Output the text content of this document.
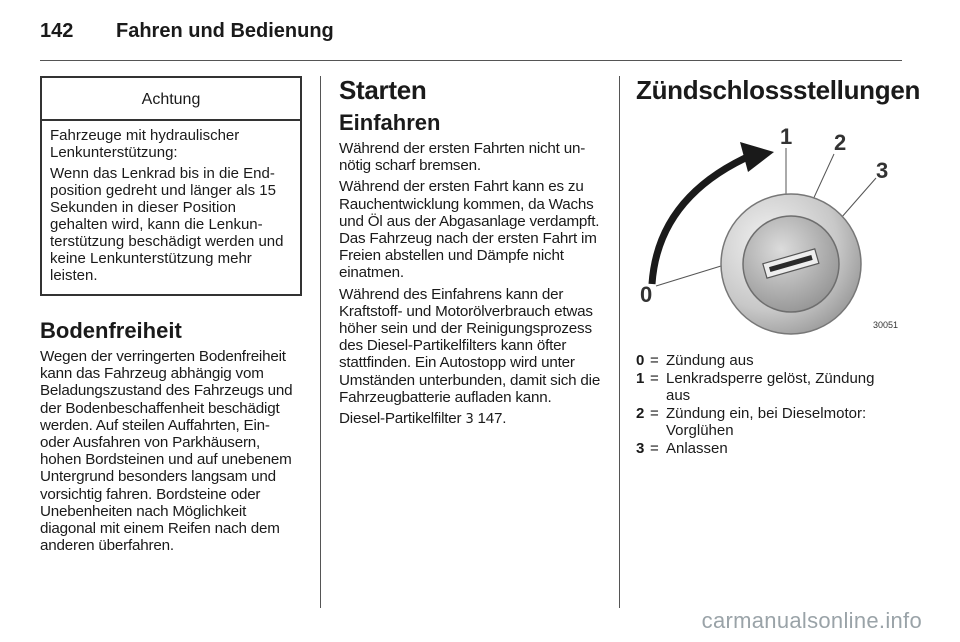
142 Fahren und Bedienung
Achtung

Fahrzeuge mit hydraulischer Lenkunterstützung:

Wenn das Lenkrad bis in die Endposition gedreht und länger als 15 Sekunden in dieser Position gehalten wird, kann die Lenkunterstützung beschädigt werden und keine Lenkunterstützung mehr leisten.

Bodenfreiheit

Wegen der verringerten Bodenfreiheit kann das Fahrzeug abhängig vom Beladungszustand des Fahrzeugs und der Bodenbeschaffenheit beschädigt werden. Auf steilen Auffahrten, Ein- oder Ausfahren von Parkhäusern, hohen Bordsteinen und auf unebenem Untergrund besonders langsam und vorsichtig fahren. Bordsteine oder Unebenheiten nach Möglichkeit diagonal mit einem Reifen nach dem anderen überfahren.

Starten
Einfahren

Während der ersten Fahrten nicht unnötig scharf bremsen.

Während der ersten Fahrt kann es zu Rauchentwicklung kommen, da Wachs und Öl aus der Abgasanlage verdampft. Das Fahrzeug nach der ersten Fahrt im Freien abstellen und Dämpfe nicht einatmen.

Während des Einfahrens kann der Kraftstoff- und Motorölverbrauch etwas höher sein und der Reinigungsprozess des Diesel-Partikelfilters kann öfter stattfinden. Ein Autostopp wird unter Umständen unterbunden, damit sich die Fahrzeugbatterie aufladen kann.

Diesel-Partikelfilter 3 147.

Zündschlossstellungen
1 2
3
0
30051
0 = Zündung aus
1 = Lenkradsperre gelöst, Zündung aus
2 = Zündung ein, bei Dieselmotor: Vorglühen
3 = Anlassen
carmanualsonline.info
